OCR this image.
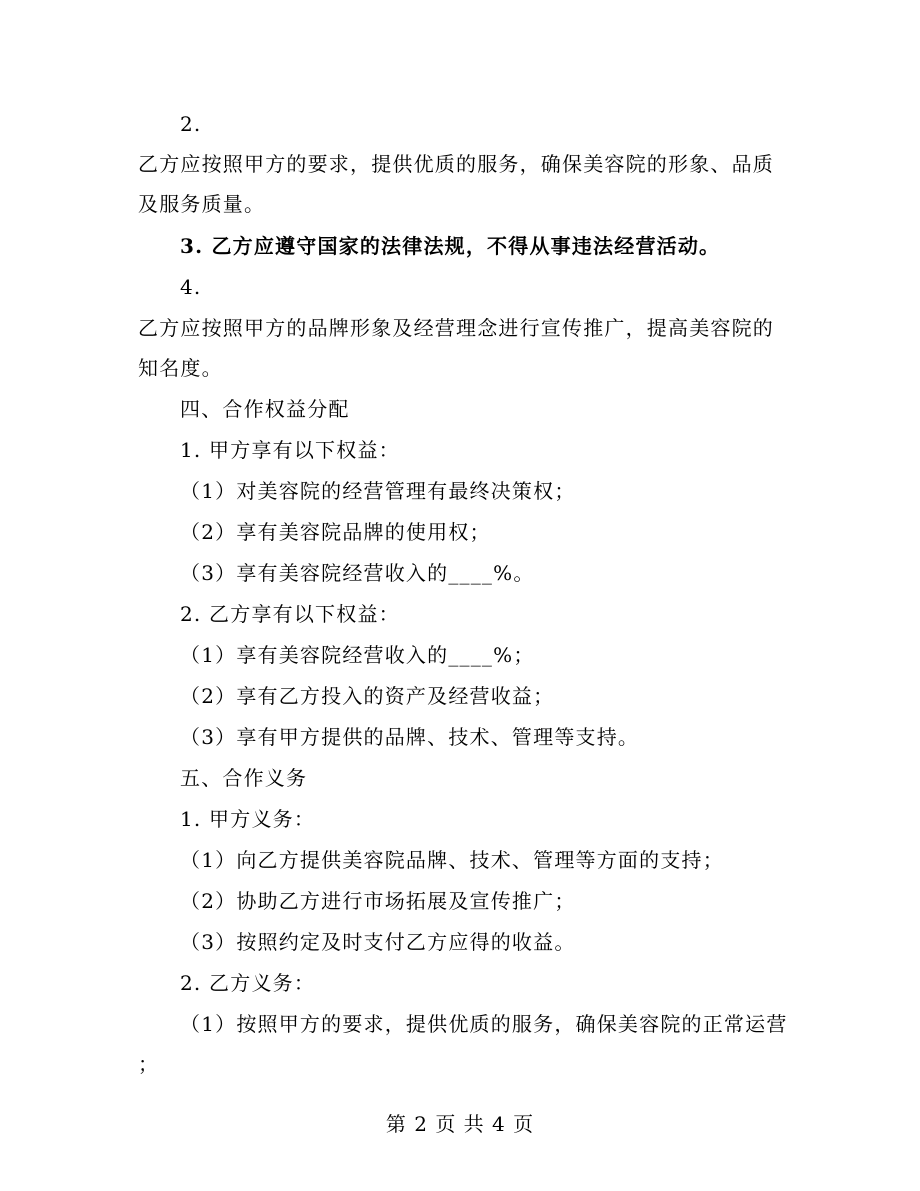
2.
乙方应按照甲方的要求，提供优质的服务，确保美容院的形象、品质
及服务质量。
3. 乙方应遵守国家的法律法规，不得从事违法经营活动。
4.
乙方应按照甲方的品牌形象及经营理念进行宣传推广，提高美容院的
知名度。
四、合作权益分配
1. 甲方享有以下权益：
（1）对美容院的经营管理有最终决策权；
（2）享有美容院品牌的使用权；
（3）享有美容院经营收入的____%。
2. 乙方享有以下权益：
（1）享有美容院经营收入的____%；
（2）享有乙方投入的资产及经营收益；
（3）享有甲方提供的品牌、技术、管理等支持。
五、合作义务
1. 甲方义务：
（1）向乙方提供美容院品牌、技术、管理等方面的支持；
（2）协助乙方进行市场拓展及宣传推广；
（3）按照约定及时支付乙方应得的收益。
2. 乙方义务：
（1）按照甲方的要求，提供优质的服务，确保美容院的正常运营
；
第 2 页 共 4 页
